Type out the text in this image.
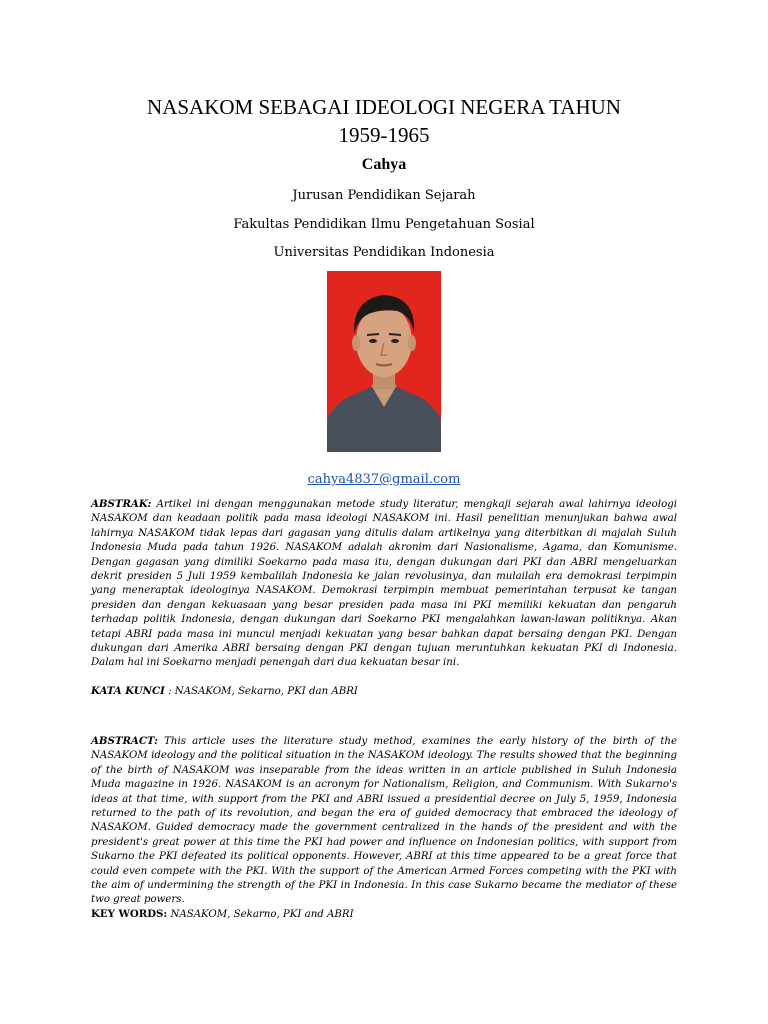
NASAKOM SEBAGAI IDEOLOGI NEGERA TAHUN
1959-1965
Cahya
Jurusan Pendidikan Sejarah
Fakultas Pendidikan Ilmu Pengetahuan Sosial
Universitas Pendidikan Indonesia
cahya4837@gmail.com
ABSTRAK: Artikel ini dengan menggunakan metode study literatur, mengkaji sejarah awal lahirnya ideologi NASAKOM dan keadaan politik pada masa ideologi NASAKOM ini. Hasil penelitian menunjukan bahwa awal lahirnya NASAKOM tidak lepas dari gagasan yang ditulis dalam artikelnya yang diterbitkan di majalah Suluh Indonesia Muda pada tahun 1926. NASAKOM adalah akronim dari Nasionalisme, Agama, dan Komunisme. Dengan gagasan yang dimiliki Soekarno pada masa itu, dengan dukungan dari PKI dan ABRI mengeluarkan dekrit presiden 5 Juli 1959 kembalilah Indonesia ke jalan revolusinya, dan mulailah era demokrasi terpimpin yang meneraptak ideologinya NASAKOM. Demokrasi terpimpin membuat pemerintahan terpusat ke tangan presiden dan dengan kekuasaan yang besar presiden pada masa ini PKI memiliki kekuatan dan pengaruh terhadap politik Indonesia, dengan dukungan dari Soekarno PKI mengalahkan lawan-lawan politiknya. Akan tetapi ABRI pada masa ini muncul menjadi kekuatan yang besar bahkan dapat bersaing dengan PKI. Dengan dukungan dari Amerika ABRI bersaing dengan PKI dengan tujuan meruntuhkan kekuatan PKI di Indonesia. Dalam hal ini Soekarno menjadi penengah dari dua kekuatan besar ini.
KATA KUNCI : NASAKOM, Sekarno, PKI dan ABRI
ABSTRACT: This article uses the literature study method, examines the early history of the birth of the NASAKOM ideology and the political situation in the NASAKOM ideology. The results showed that the beginning of the birth of NASAKOM was inseparable from the ideas written in an article published in Suluh Indonesia Muda magazine in 1926. NASAKOM is an acronym for Nationalism, Religion, and Communism. With Sukarno's ideas at that time, with support from the PKI and ABRI issued a presidential decree on July 5, 1959, Indonesia returned to the path of its revolution, and began the era of guided democracy that embraced the ideology of NASAKOM. Guided democracy made the government centralized in the hands of the president and with the president's great power at this time the PKI had power and influence on Indonesian politics, with support from Sukarno the PKI defeated its political opponents. However, ABRI at this time appeared to be a great force that could even compete with the PKI. With the support of the American Armed Forces competing with the PKI with the aim of undermining the strength of the PKI in Indonesia. In this case Sukarno became the mediator of these two great powers.
KEY WORDS: NASAKOM, Sekarno, PKI and ABRI
